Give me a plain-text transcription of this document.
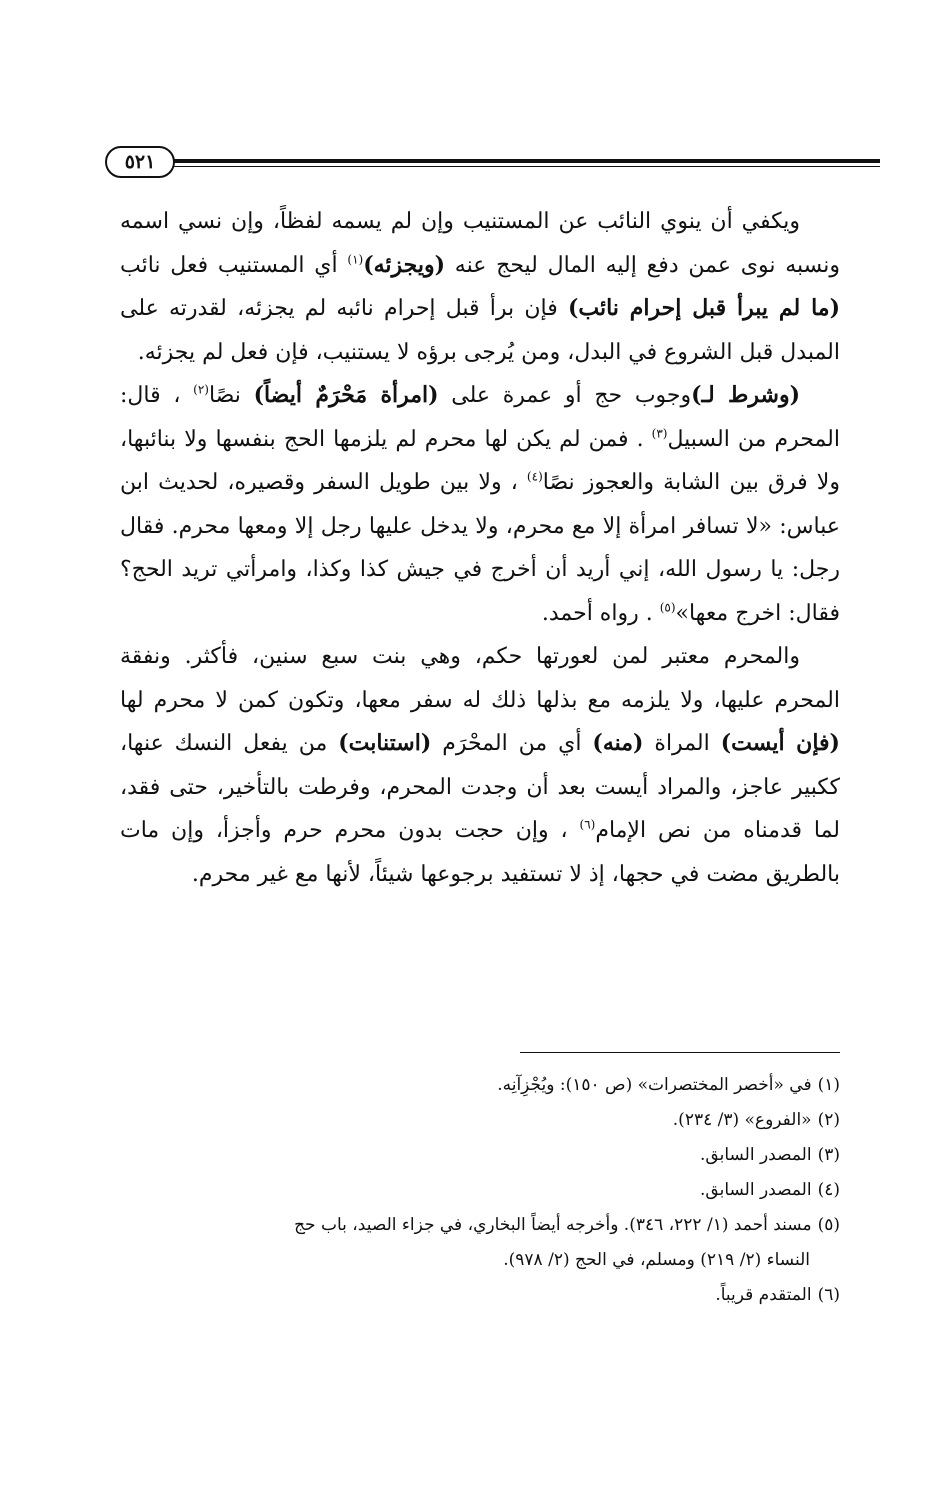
٥٢١

ويكفي أن ينوي النائب عن المستنيب وإن لم يسمه لفظاً، وإن نسي اسمه ونسبه نوى عمن دفع إليه المال ليحج عنه (ويجزئه)$^{(١)}$ أي المستنيب فعل نائب (ما لم يبرأ قبل إحرام نائب) فإن برأ قبل إحرام نائبه لم يجزئه، لقدرته على المبدل قبل الشروع في البدل، ومن يُرجى برؤه لا يستنيب، فإن فعل لم يجزئه.

(وشرط لـ)وجوب حج أو عمرة على (امرأة مَحْرَمٌ أيضاً) نصًا$^{(٢)}$ ، قال: المحرم من السبيل$^{(٣)}$ . فمن لم يكن لها محرم لم يلزمها الحج بنفسها ولا بنائبها، ولا فرق بين الشابة والعجوز نصًا$^{(٤)}$ ، ولا بين طويل السفر وقصيره، لحديث ابن عباس: «لا تسافر امرأة إلا مع محرم، ولا يدخل عليها رجل إلا ومعها محرم. فقال رجل: يا رسول الله، إني أريد أن أخرج في جيش كذا وكذا، وامرأتي تريد الحج؟ فقال: اخرج معها»$^{(٥)}$ . رواه أحمد.

والمحرم معتبر لمن لعورتها حكم، وهي بنت سبع سنين، فأكثر. ونفقة المحرم عليها، ولا يلزمه مع بذلها ذلك له سفر معها، وتكون كمن لا محرم لها (فإن أيست) المراة (منه) أي من المحْرَم (استنابت) من يفعل النسك عنها، ككبير عاجز، والمراد أيست بعد أن وجدت المحرم، وفرطت بالتأخير، حتى فقد، لما قدمناه من نص الإمام$^{(٦)}$ ، وإن حجت بدون محرم حرم وأجزأ، وإن مات بالطريق مضت في حجها، إذ لا تستفيد برجوعها شيئاً، لأنها مع غير محرم.

(١)في «أخصر المختصرات» (ص ١٥٠): ويُجْزِآنِه.

(٢)«الفروع» (٣/ ٢٣٤).

(٣)المصدر السابق.

(٤)المصدر السابق.

(٥)مسند أحمد (١/ ٢٢٢، ٣٤٦). وأخرجه أيضاً البخاري، في جزاء الصيد، باب حج
النساء (٢/ ٢١٩) ومسلم، في الحج (٢/ ٩٧٨).

(٦)المتقدم قريباً.
